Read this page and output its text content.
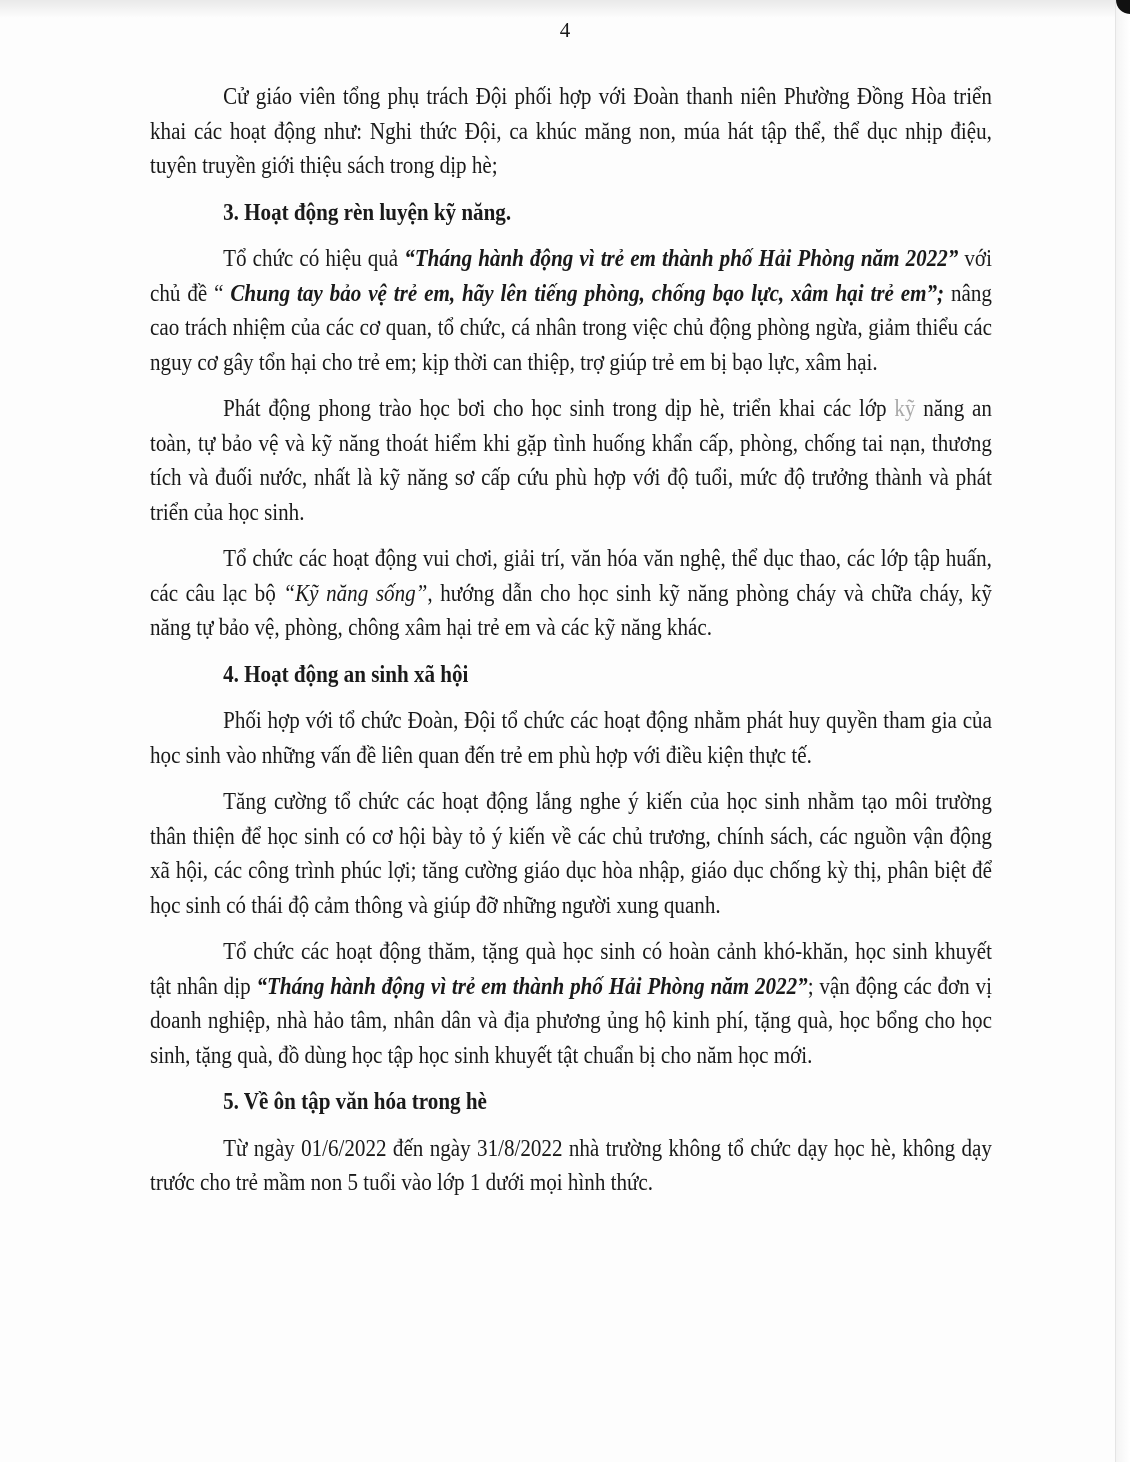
4

Cử giáo viên tổng phụ trách Đội phối hợp với Đoàn thanh niên Phường Đồng Hòa triển khai các hoạt động như: Nghi thức Đội, ca khúc măng non, múa hát tập thể, thể dục nhịp điệu, tuyên truyền giới thiệu sách trong dịp hè;

3. Hoạt động rèn luyện kỹ năng.

Tổ chức có hiệu quả “Tháng hành động vì trẻ em thành phố Hải Phòng năm 2022” với chủ đề “ Chung tay bảo vệ trẻ em, hãy lên tiếng phòng, chống bạo lực, xâm hại trẻ em”; nâng cao trách nhiệm của các cơ quan, tổ chức, cá nhân trong việc chủ động phòng ngừa, giảm thiểu các nguy cơ gây tổn hại cho trẻ em; kịp thời can thiệp, trợ giúp trẻ em bị bạo lực, xâm hại.

Phát động phong trào học bơi cho học sinh trong dịp hè, triển khai các lớp kỹ năng an toàn, tự bảo vệ và kỹ năng thoát hiểm khi gặp tình huống khẩn cấp, phòng, chống tai nạn, thương tích và đuối nước, nhất là kỹ năng sơ cấp cứu phù hợp với độ tuổi, mức độ trưởng thành và phát triển của học sinh.

Tổ chức các hoạt động vui chơi, giải trí, văn hóa văn nghệ, thể dục thao, các lớp tập huấn, các câu lạc bộ “Kỹ năng sống”, hướng dẫn cho học sinh kỹ năng phòng cháy và chữa cháy, kỹ năng tự bảo vệ, phòng, chông xâm hại trẻ em và các kỹ năng khác.

4. Hoạt động an sinh xã hội

Phối hợp với tổ chức Đoàn, Đội tổ chức các hoạt động nhằm phát huy quyền tham gia của học sinh vào những vấn đề liên quan đến trẻ em phù hợp với điều kiện thực tế.

Tăng cường tổ chức các hoạt động lắng nghe ý kiến của học sinh nhằm tạo môi trường thân thiện để học sinh có cơ hội bày tỏ ý kiến về các chủ trương, chính sách, các nguồn vận động xã hội, các công trình phúc lợi; tăng cường giáo dục hòa nhập, giáo dục chống kỳ thị, phân biệt để học sinh có thái độ cảm thông và giúp đỡ những người xung quanh.

Tổ chức các hoạt động thăm, tặng quà học sinh có hoàn cảnh khó-khăn, học sinh khuyết tật nhân dịp “Tháng hành động vì trẻ em thành phố Hải Phòng năm 2022”; vận động các đơn vị doanh nghiệp, nhà hảo tâm, nhân dân và địa phương ủng hộ kinh phí, tặng quà, học bổng cho học sinh, tặng quà, đồ dùng học tập học sinh khuyết tật chuẩn bị cho năm học mới.

5. Về ôn tập văn hóa trong hè

Từ ngày 01/6/2022 đến ngày 31/8/2022 nhà trường không tổ chức dạy học hè, không dạy trước cho trẻ mầm non 5 tuổi vào lớp 1 dưới mọi hình thức.
